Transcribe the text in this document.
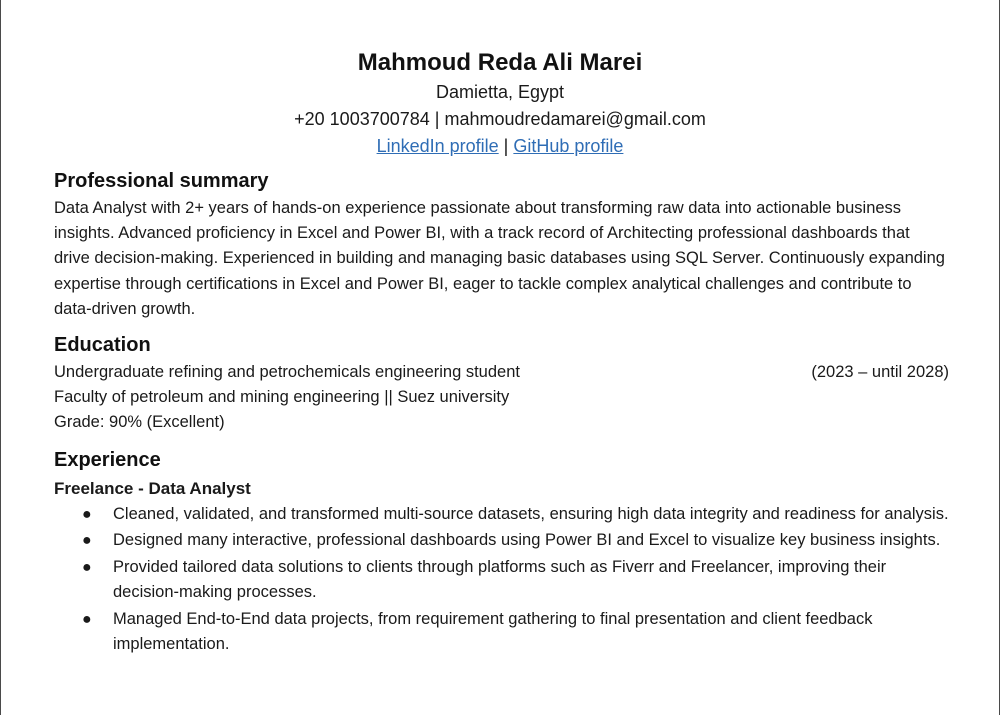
Mahmoud Reda Ali Marei
Damietta, Egypt
+20 1003700784 | mahmoudredamarei@gmail.com
LinkedIn profile | GitHub profile
Professional summary

Data Analyst with 2+ years of hands-on experience passionate about transforming raw data into actionable business insights. Advanced proficiency in Excel and Power BI, with a track record of Architecting professional dashboards that drive decision-making. Experienced in building and managing basic databases using SQL Server. Continuously expanding expertise through certifications in Excel and Power BI, eager to tackle complex analytical challenges and contribute to data-driven growth.

Education
Undergraduate refining and petrochemicals engineering student	(2023 – until 2028)
Faculty of petroleum and mining engineering || Suez university
Grade: 90% (Excellent)
Experience
Freelance - Data Analyst
● Cleaned, validated, and transformed multi-source datasets, ensuring high data integrity and readiness for analysis.
● Designed many interactive, professional dashboards using Power BI and Excel to visualize key business insights.
● Provided tailored data solutions to clients through platforms such as Fiverr and Freelancer, improving their decision-making processes.
● Managed End-to-End data projects, from requirement gathering to final presentation and client feedback implementation.
